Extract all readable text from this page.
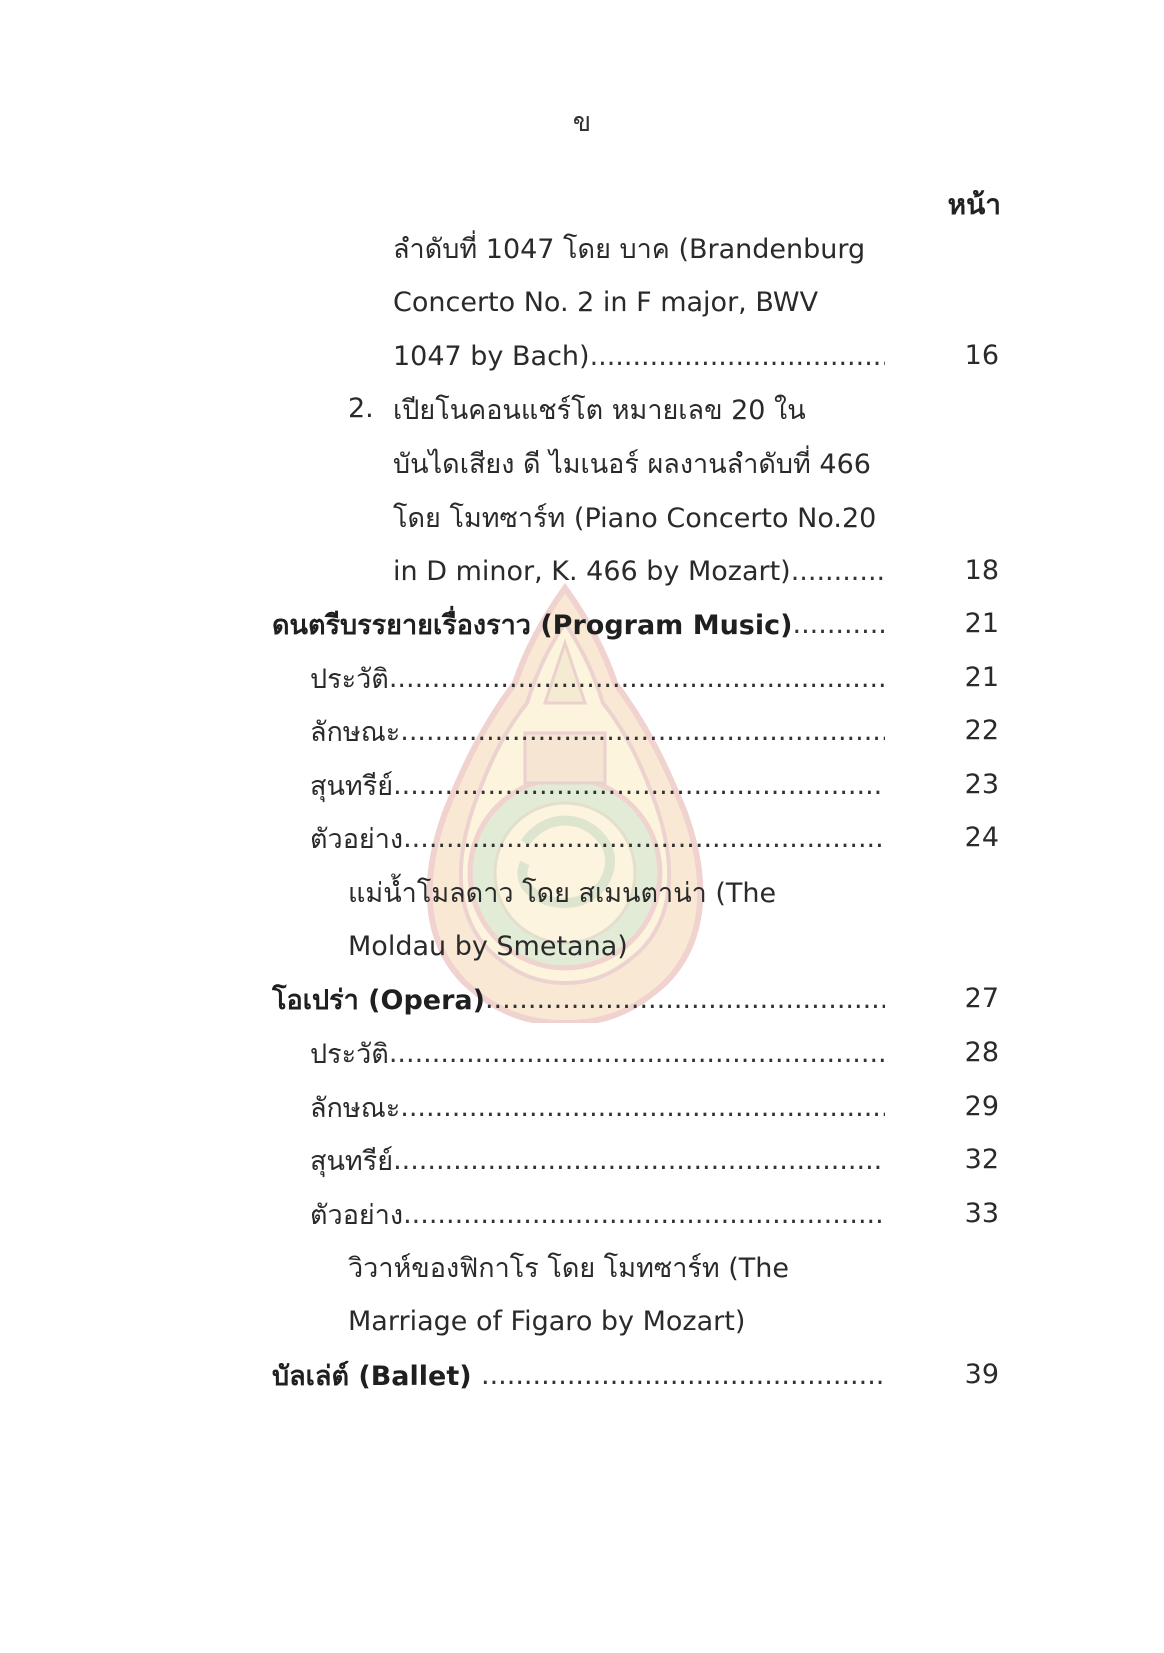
ข
หน้า
ลำดับที่ 1047 โดย บาค (Brandenburg
Concerto No. 2 in F major, BWV
1047 by Bach) .....	16
2. เปียโนคอนแชร์โต หมายเลข 20 ใน
บันไดเสียง ดี ไมเนอร์ ผลงานลำดับที่ 466
โดย โมทซาร์ท (Piano Concerto No.20
in D minor, K. 466 by Mozart) .....	18
ดนตรีบรรยายเรื่องราว (Program Music) .....	21
ประวัติ .....	21
ลักษณะ .....	22
สุนทรีย์ .....	23
ตัวอย่าง .....	24
แม่น้ำโมลดาว โดย สเมนตาน่า (The
Moldau by Smetana)
โอเปร่า (Opera) .....	27
ประวัติ .....	28
ลักษณะ .....	29
สุนทรีย์ .....	32
ตัวอย่าง .....	33
วิวาห์ของฟิกาโร โดย โมทซาร์ท (The
Marriage of Figaro by Mozart)
บัลเล่ต์ (Ballet) .....	39
